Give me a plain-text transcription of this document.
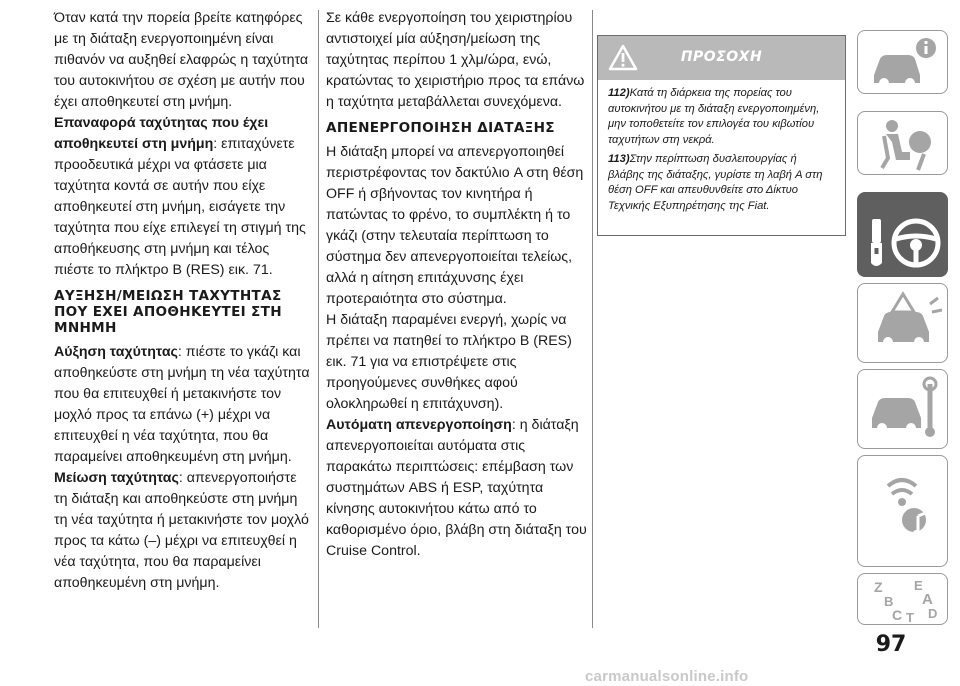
Όταν κατά την πορεία βρείτε κατηφόρες με τη διάταξη ενεργοποιημένη είναι πιθανόν να αυξηθεί ελαφρώς η ταχύτητα του αυτοκινήτου σε σχέση με αυτήν που έχει αποθηκευτεί στη μνήμη.

Επαναφορά ταχύτητας που έχει αποθηκευτεί στη μνήμη: επιταχύνετε προοδευτικά μέχρι να φτάσετε μια ταχύτητα κοντά σε αυτήν που είχε αποθηκευτεί στη μνήμη, εισάγετε την ταχύτητα που είχε επιλεγεί τη στιγμή της αποθήκευσης στη μνήμη και τέλος πιέστε το πλήκτρο B (RES) εικ. 71.

ΑΥΞΗΣΗ/ΜΕΙΩΣΗ ΤΑΧΥΤΗΤΑΣ ΠΟΥ ΕΧΕΙ ΑΠΟΘΗΚΕΥΤΕΙ ΣΤΗ ΜΝΗΜΗ

Αύξηση ταχύτητας: πιέστε το γκάζι και αποθηκεύστε στη μνήμη τη νέα ταχύτητα που θα επιτευχθεί ή μετακινήστε τον μοχλό προς τα επάνω (+) μέχρι να επιτευχθεί η νέα ταχύτητα, που θα παραμείνει αποθηκευμένη στη μνήμη.

Μείωση ταχύτητας: απενεργοποιήστε τη διάταξη και αποθηκεύστε στη μνήμη τη νέα ταχύτητα ή μετακινήστε τον μοχλό προς τα κάτω (–) μέχρι να επιτευχθεί η νέα ταχύτητα, που θα παραμείνει αποθηκευμένη στη μνήμη.

Σε κάθε ενεργοποίηση του χειριστηρίου αντιστοιχεί μία αύξηση/μείωση της ταχύτητας περίπου 1 χλμ/ώρα, ενώ, κρατώντας το χειριστήριο προς τα επάνω η ταχύτητα μεταβάλλεται συνεχόμενα.

ΑΠΕΝΕΡΓΟΠΟΙΗΣΗ ΔΙΑΤΑΞΗΣ

Η διάταξη μπορεί να απενεργοποιηθεί περιστρέφοντας τον δακτύλιο A στη θέση OFF ή σβήνοντας τον κινητήρα ή πατώντας το φρένο, το συμπλέκτη ή το γκάζι (στην τελευταία περίπτωση το σύστημα δεν απενεργοποιείται τελείως, αλλά η αίτηση επιτάχυνσης έχει προτεραιότητα στο σύστημα.

Η διάταξη παραμένει ενεργή, χωρίς να πρέπει να πατηθεί το πλήκτρο B (RES) εικ. 71 για να επιστρέψετε στις προηγούμενες συνθήκες αφού ολοκληρωθεί η επιτάχυνση).

Αυτόματη απενεργοποίηση: η διάταξη απενεργοποιείται αυτόματα στις παρακάτω περιπτώσεις: επέμβαση των συστημάτων ABS ή ESP, ταχύτητα κίνησης αυτοκινήτου κάτω από το καθορισμένο όριο, βλάβη στη διάταξη του Cruise Control.

ΠΡΟΣΟΧΗ

112)Κατά τη διάρκεια της πορείας του αυτοκινήτου με τη διάταξη ενεργοποιημένη, μην τοποθετείτε τον επιλογέα του κιβωτίου ταχυτήτων στη νεκρά.

113)Στην περίπτωση δυσλειτουργίας ή βλάβης της διάταξης, γυρίστε τη λαβή A στη θέση OFF και απευθυνθείτε στο Δίκτυο Τεχνικής Εξυπηρέτησης της Fiat.

Z E
A
B
C T D
97
carmanualsonline.info
